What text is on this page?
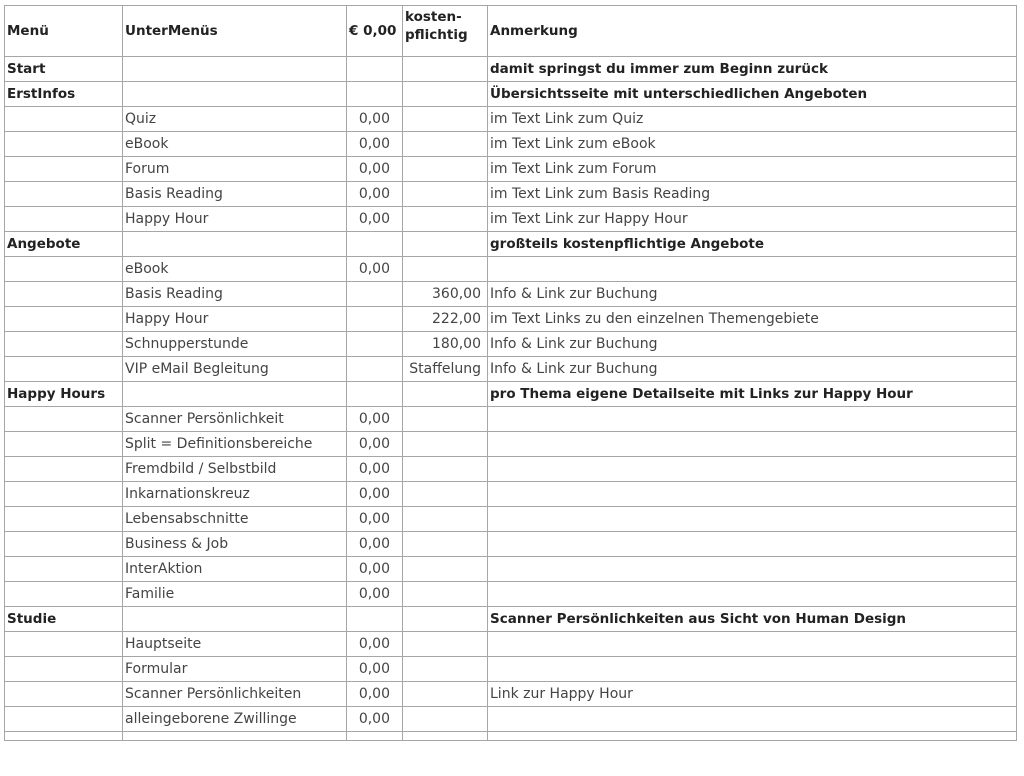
Menü	UnterMenüs	€ 0,00	kosten-pflichtig	Anmerkung
Start				damit springst du immer zum Beginn zurück
ErstInfos				Übersichtsseite mit unterschiedlichen Angeboten
	Quiz	0,00		im Text Link zum Quiz
	eBook	0,00		im Text Link zum eBook
	Forum	0,00		im Text Link zum Forum
	Basis Reading	0,00		im Text Link zum Basis Reading
	Happy Hour	0,00		im Text Link zur Happy Hour
Angebote				großteils kostenpflichtige Angebote
	eBook	0,00		
	Basis Reading		360,00	Info & Link zur Buchung
	Happy Hour		222,00	im Text Links zu den einzelnen Themengebiete
	Schnupperstunde		180,00	Info & Link zur Buchung
	VIP eMail Begleitung		Staffelung	Info & Link zur Buchung
Happy Hours				pro Thema eigene Detailseite mit Links zur Happy Hour
	Scanner Persönlichkeit	0,00		
	Split = Definitionsbereiche	0,00		
	Fremdbild / Selbstbild	0,00		
	Inkarnationskreuz	0,00		
	Lebensabschnitte	0,00		
	Business & Job	0,00		
	InterAktion	0,00		
	Familie	0,00		
Studie				Scanner Persönlichkeiten aus Sicht von Human Design
	Hauptseite	0,00		
	Formular	0,00		
	Scanner Persönlichkeiten	0,00		Link zur Happy Hour
	alleingeborene Zwillinge	0,00		
